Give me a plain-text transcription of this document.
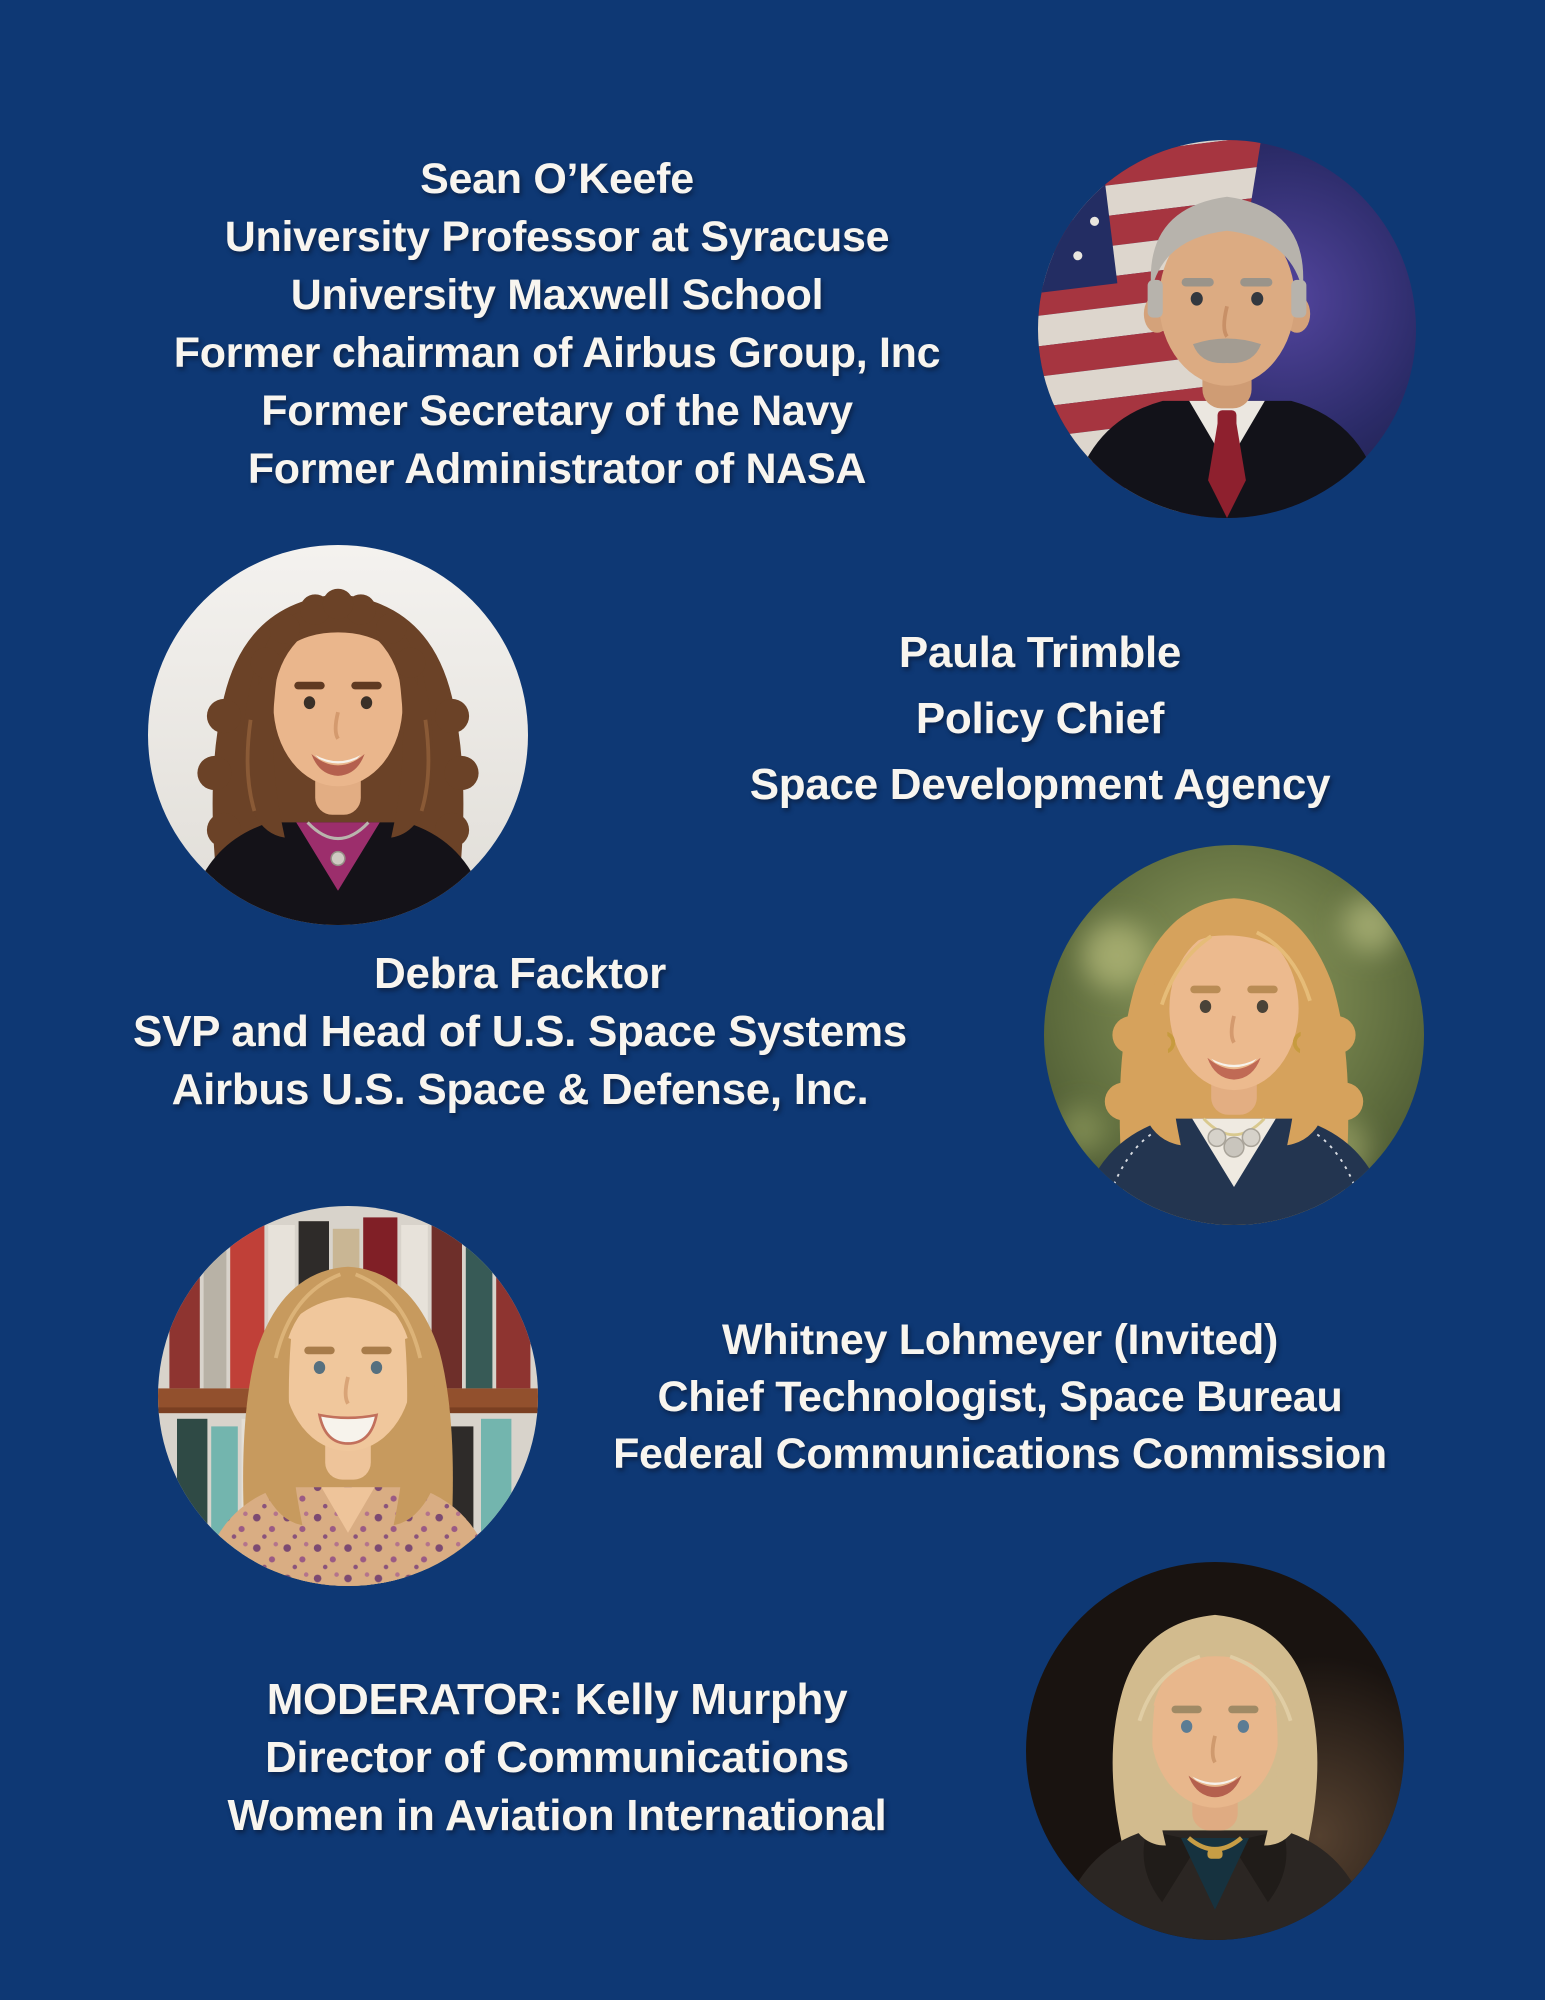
Sean O’Keefe
University Professor at Syracuse
University Maxwell School
Former chairman of Airbus Group, Inc
Former Secretary of the Navy
Former Administrator of NASA
Paula Trimble
Policy Chief
Space Development Agency
Debra Facktor
SVP and Head of U.S. Space Systems
Airbus U.S. Space & Defense, Inc.
Whitney Lohmeyer (Invited)
Chief Technologist, Space Bureau
Federal Communications Commission
MODERATOR: Kelly Murphy
Director of Communications
Women in Aviation International
